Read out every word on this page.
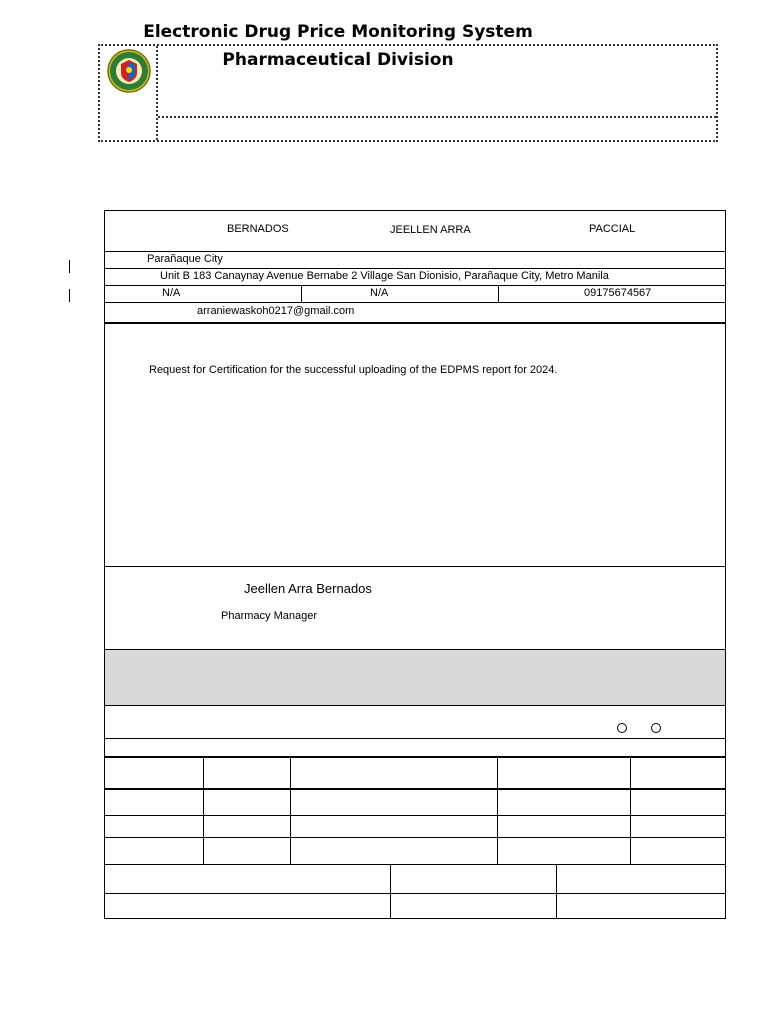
Electronic Drug Price Monitoring System
Pharmaceutical Division
BERNADOS	JEELLEN ARRA	PACCIAL
Parañaque City
Unit B 183 Canaynay Avenue Bernabe 2 Village San Dionisio, Parañaque City, Metro Manila
N/A	N/A	09175674567
arraniewaskoh0217@gmail.com
Request for Certification for the successful uploading of the EDPMS report for 2024.
Jeellen Arra Bernados
Pharmacy Manager
